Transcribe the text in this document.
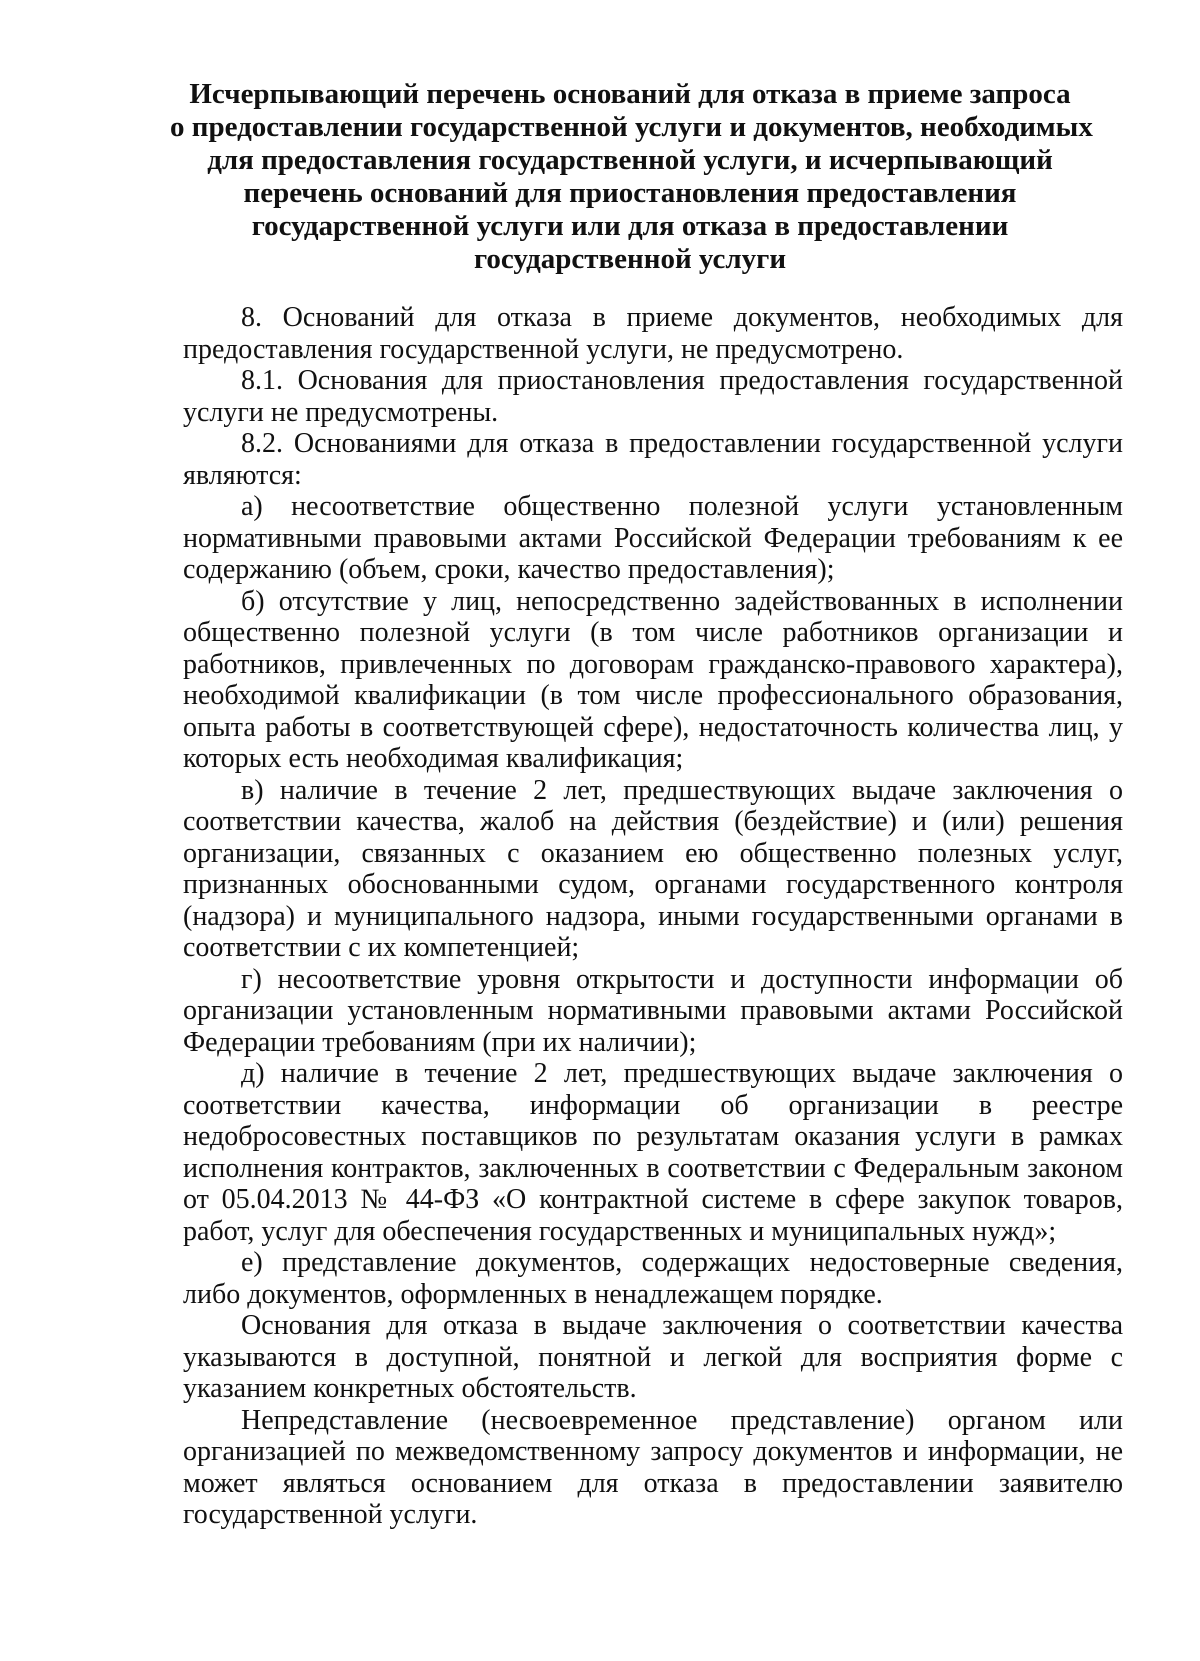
Исчерпывающий перечень оснований для отказа в приеме запроса
о предоставлении государственной услуги и документов, необходимых
для предоставления государственной услуги, и исчерпывающий
перечень оснований для приостановления предоставления
государственной услуги или для отказа в предоставлении
государственной услуги

8. Оснований для отказа в приеме документов, необходимых для предоставления государственной услуги, не предусмотрено.

8.1. Основания для приостановления предоставления государственной услуги не предусмотрены.

8.2. Основаниями для отказа в предоставлении государственной услуги являются:

а) несоответствие общественно полезной услуги установленным нормативными правовыми актами Российской Федерации требованиям к ее содержанию (объем, сроки, качество предоставления);

б) отсутствие у лиц, непосредственно задействованных в исполнении общественно полезной услуги (в том числе работников организации и работников, привлеченных по договорам гражданско-правового характера), необходимой квалификации (в том числе профессионального образования, опыта работы в соответствующей сфере), недостаточность количества лиц, у которых есть необходимая квалификация;

в) наличие в течение 2 лет, предшествующих выдаче заключения о соответствии качества, жалоб на действия (бездействие) и (или) решения организации, связанных с оказанием ею общественно полезных услуг, признанных обоснованными судом, органами государственного контроля (надзора) и муниципального надзора, иными государственными органами в соответствии с их компетенцией;

г) несоответствие уровня открытости и доступности информации об организации установленным нормативными правовыми актами Российской Федерации требованиям (при их наличии);

д) наличие в течение 2 лет, предшествующих выдаче заключения о соответствии качества, информации об организации в реестре недобросовестных поставщиков по результатам оказания услуги в рамках исполнения контрактов, заключенных в соответствии с Федеральным законом от 05.04.2013 № 44-ФЗ «О контрактной системе в сфере закупок товаров, работ, услуг для обеспечения государственных и муниципальных нужд»;

е) представление документов, содержащих недостоверные сведения, либо документов, оформленных в ненадлежащем порядке.

Основания для отказа в выдаче заключения о соответствии качества указываются в доступной, понятной и легкой для восприятия форме с указанием конкретных обстоятельств.

Непредставление (несвоевременное представление) органом или организацией по межведомственному запросу документов и информации, не может являться основанием для отказа в предоставлении заявителю государственной услуги.
